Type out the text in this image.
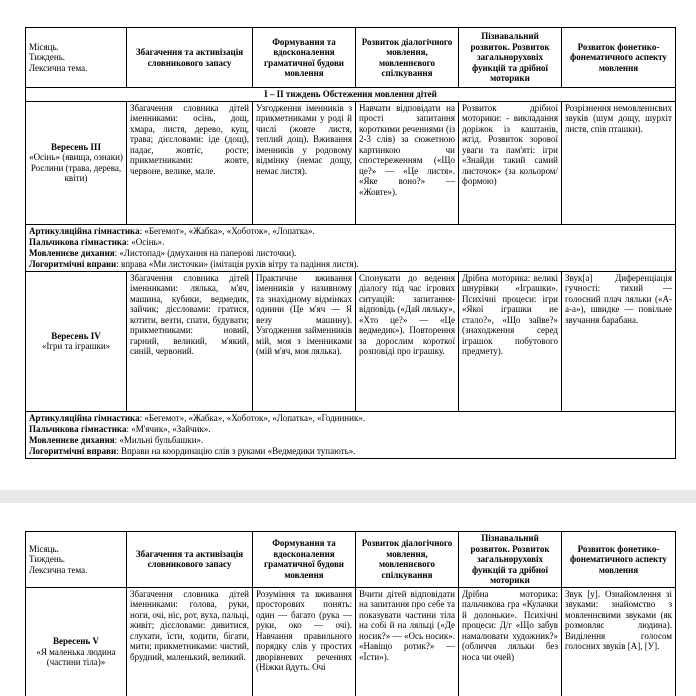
Місяць.
Тиждень.
Лексична тема.	Збагачення та активізація словникового запасу	Формування та вдосконалення граматичної будови мовлення	Розвиток діалогічного мовлення, мовленнєвого спілкування	Пізнавальний розвиток. Розвиток загальноруховіх функцій та дрібної моторики	Розвиток фонетико-фонематичного аспекту мовлення
І – ІІ тиждень Обстеження мовлення дітей					

Вересень ІІІ
«Осінь» (явища, ознаки) Рослини (трава, дерева, квіти)	Збагачення словника дітей іменниками: осінь, дощ, хмара, листя, дерево, кущ, трава; дієсловами: іде (дощ), падає, жовтіє, росте; прикметниками: жовте, червоне, велике, мале.	Узгодження іменників з прикметниками у роді й числі (жовте листя, теплий дощ). Вживання іменників у родовому відмінку (немає дощу, немає листя).	Навчати відповідати на прості запитання короткими реченнями (із 2-3 слів) за сюжетною картинкою чи спостереженням («Що це?» — «Це листя». «Яке воно?» — «Жовте»).	Розвиток дрібної моторики: - викладання доріжок із каштанів, жгід. Розвиток зорової уваги та пам'яті: ігри «Знайди такий самий листочок» (за кольором/формою)	Розрізнення немовленнєвих звуків (шум дощу, шурхіт листя, спів пташки).

Артикуляційна гімнастика: «Бегемот», «Жабка», «Хоботок», «Лопатка».
Пальчикова гімнастика: «Осінь».
Мовленнєве дихання: «Листопад» (дмухання на паперові листочки).
Логоритмічні вправи: вправа «Ми листочки» (імітація рухів вітру та падіння листя).					

Вересень ІV
«Ігри та іграшки»	Збагачення словника дітей іменниками: лялька, м'яч, машина, кубики, ведмедик, зайчик; дієсловами: гратися, котити, везти, спати, будувати; прикметниками: новий, гарний, великий, м'який, синій, червоний.	Практичне вживання іменників у називному та знахідному відмінках однини (Це м'яч — Я везу машину). Узгодження займенників мій, моя з іменниками (мій м'яч, моя лялька).	Спонукати до ведення діалогу під час ігрових ситуацій: запитання-відповідь («Дай ляльку», «Хто це?» — «Це ведмедик»). Повторення за дорослим короткої розповіді про іграшку.	Дрібна моторика: великі шнурівки «Іграшки». Психічні процеси: ігри «Якої іграшки не стало?», «Що зайве?» (знаходження серед іграшок побутового предмету).	Звук[а] Диференціація гучності: тихий — голосний плач ляльки («А-а-а»), швидке — повільне звучання барабана.

Артикуляційна гімнастика: «Бегемот», «Жабка», «Хоботок», «Лопатка», «Годинник».
Пальчикова гімнастика: «М'ячик», «Зайчик».
Мовленнєве дихання: «Мильні бульбашки».
Логоритмічні вправи: Вправи на координацію слів з руками «Ведмедики тупають».					
Місяць.
Тиждень.
Лексична тема.	Збагачення та активізація словникового запасу	Формування та вдосконалення граматичної будови мовлення	Розвиток діалогічного мовлення, мовленнєвого спілкування	Пізнавальний розвиток. Розвиток загальноруховіх функцій та дрібної моторики	Розвиток фонетико-фонематичного аспекту мовлення

Вересень V
«Я маленька людина (частини тіла)»	Збагачення словника дітей іменниками: голова, руки, ноги, очі, ніс, рот, вуха, пальці, живіт; дієсловами: дивитися, слухати, їсти, ходити, бігати, мити; прикметниками: чистий, брудний, маленький, великий.	Розуміння та вживання просторових понять: один — багато (рука — руки, око — очі). Навчання правильного порядку слів у простих дворівневих реченнях (Ніжки йдуть. Очі	Вчити дітей відповідати на запитання про себе та показувати частини тіла на собі й на ляльці («Де носик?» — «Ось носик». «Навіщо ротик?» — «Їсти»).	Дрібна моторика: пальчикова гра «Кулачки й долоньки». Психічні процеси: Д/г «Що забув намалювати художник?» (обличчя ляльки без носа чи очей)	Звук [у]. Ознайомлення зі звуками: знайомство з мовленнєвими звуками (як розмовляє людина). Виділення голосом голосних звуків [А], [У].
